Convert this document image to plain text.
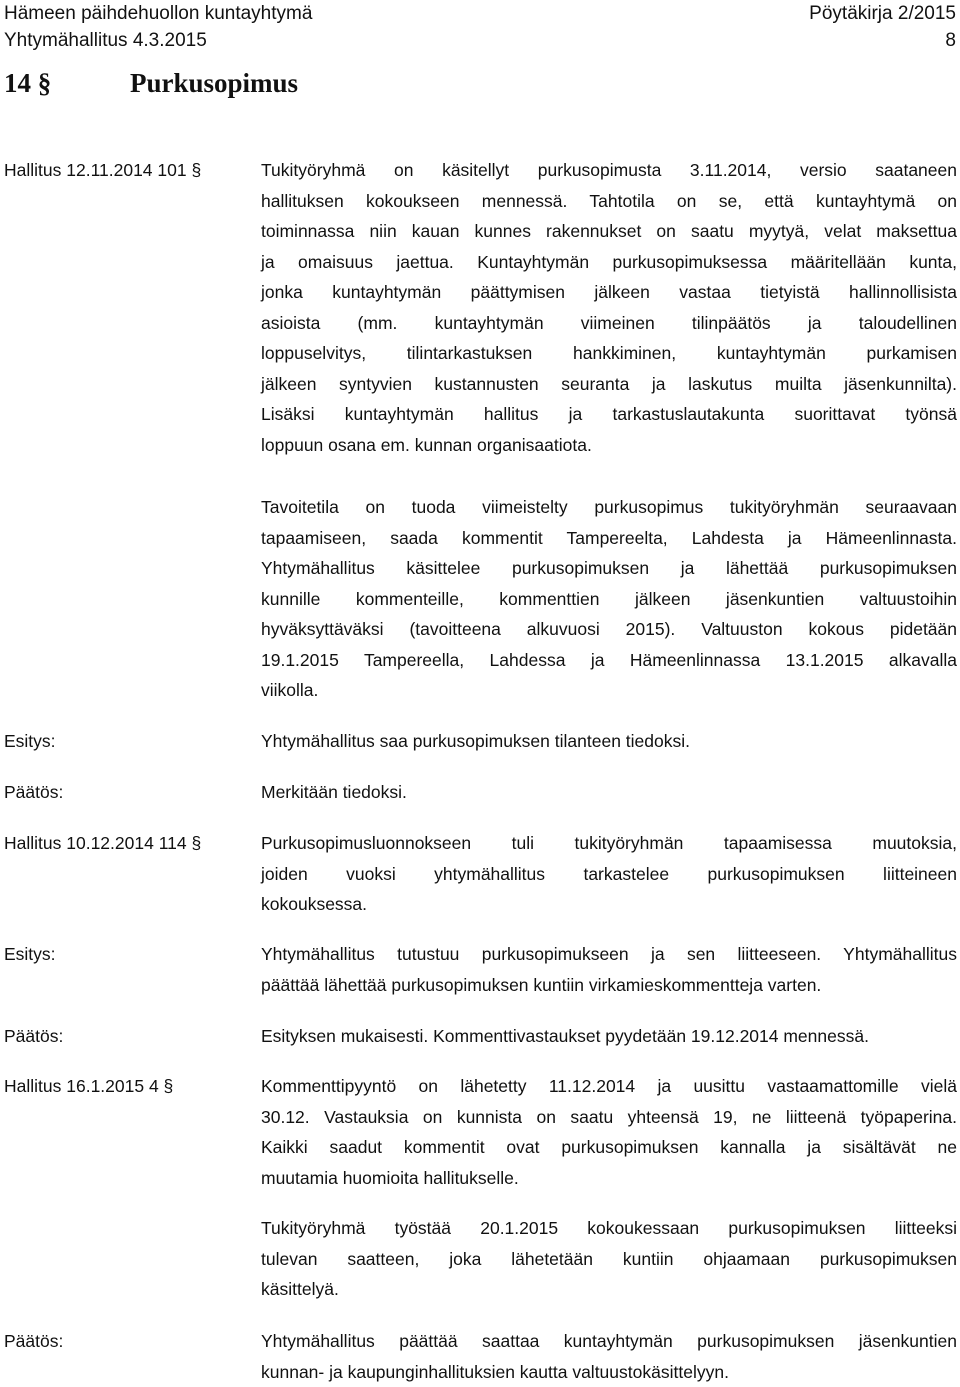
Hämeen päihdehuollon kuntayhtymä	Pöytäkirja 2/2015
Yhtymähallitus 4.3.2015	8
14 §	Purkusopimus
Hallitus 12.11.2014 101 §	Tukityöryhmä on käsitellyt purkusopimusta 3.11.2014, versio saataneen
hallituksen kokoukseen mennessä. Tahtotila on se, että kuntayhtymä on
toiminnassa niin kauan kunnes rakennukset on saatu myytyä, velat maksettua
ja omaisuus jaettua. Kuntayhtymän purkusopimuksessa määritellään kunta,
jonka kuntayhtymän päättymisen jälkeen vastaa tietyistä hallinnollisista
asioista (mm. kuntayhtymän viimeinen tilinpäätös ja taloudellinen
loppuselvitys, tilintarkastuksen hankkiminen, kuntayhtymän purkamisen
jälkeen syntyvien kustannusten seuranta ja laskutus muilta jäsenkunnilta).
Lisäksi kuntayhtymän hallitus ja tarkastuslautakunta suorittavat työnsä
loppuun osana em. kunnan organisaatiota.
Tavoitetila on tuoda viimeistelty purkusopimus tukityöryhmän seuraavaan
tapaamiseen, saada kommentit Tampereelta, Lahdesta ja Hämeenlinnasta.
Yhtymähallitus käsittelee purkusopimuksen ja lähettää purkusopimuksen
kunnille kommenteille, kommenttien jälkeen jäsenkuntien valtuustoihin
hyväksyttäväksi (tavoitteena alkuvuosi 2015). Valtuuston kokous pidetään
19.1.2015 Tampereella, Lahdessa ja Hämeenlinnassa 13.1.2015 alkavalla
viikolla.
Esitys:	Yhtymähallitus saa purkusopimuksen tilanteen tiedoksi.
Päätös:	Merkitään tiedoksi.
Hallitus 10.12.2014 114 §	Purkusopimusluonnokseen tuli tukityöryhmän tapaamisessa muutoksia,
joiden vuoksi yhtymähallitus tarkastelee purkusopimuksen liitteineen
kokouksessa.
Esitys:	Yhtymähallitus tutustuu purkusopimukseen ja sen liitteeseen. Yhtymähallitus
päättää lähettää purkusopimuksen kuntiin virkamieskommentteja varten.
Päätös:	Esityksen mukaisesti. Kommenttivastaukset pyydetään 19.12.2014 mennessä.
Hallitus 16.1.2015 4 §	Kommenttipyyntö on lähetetty 11.12.2014 ja uusittu vastaamattomille vielä
30.12. Vastauksia on kunnista on saatu yhteensä 19, ne liitteenä työpaperina.
Kaikki saadut kommentit ovat purkusopimuksen kannalla ja sisältävät ne
muutamia huomioita hallitukselle.
Tukityöryhmä työstää 20.1.2015 kokoukessaan purkusopimuksen liitteeksi
tulevan saatteen, joka lähetetään kuntiin ohjaamaan purkusopimuksen
käsittelyä.
Päätös:	Yhtymähallitus päättää saattaa kuntayhtymän purkusopimuksen jäsenkuntien
kunnan- ja kaupunginhallituksien kautta valtuustokäsittelyyn.
